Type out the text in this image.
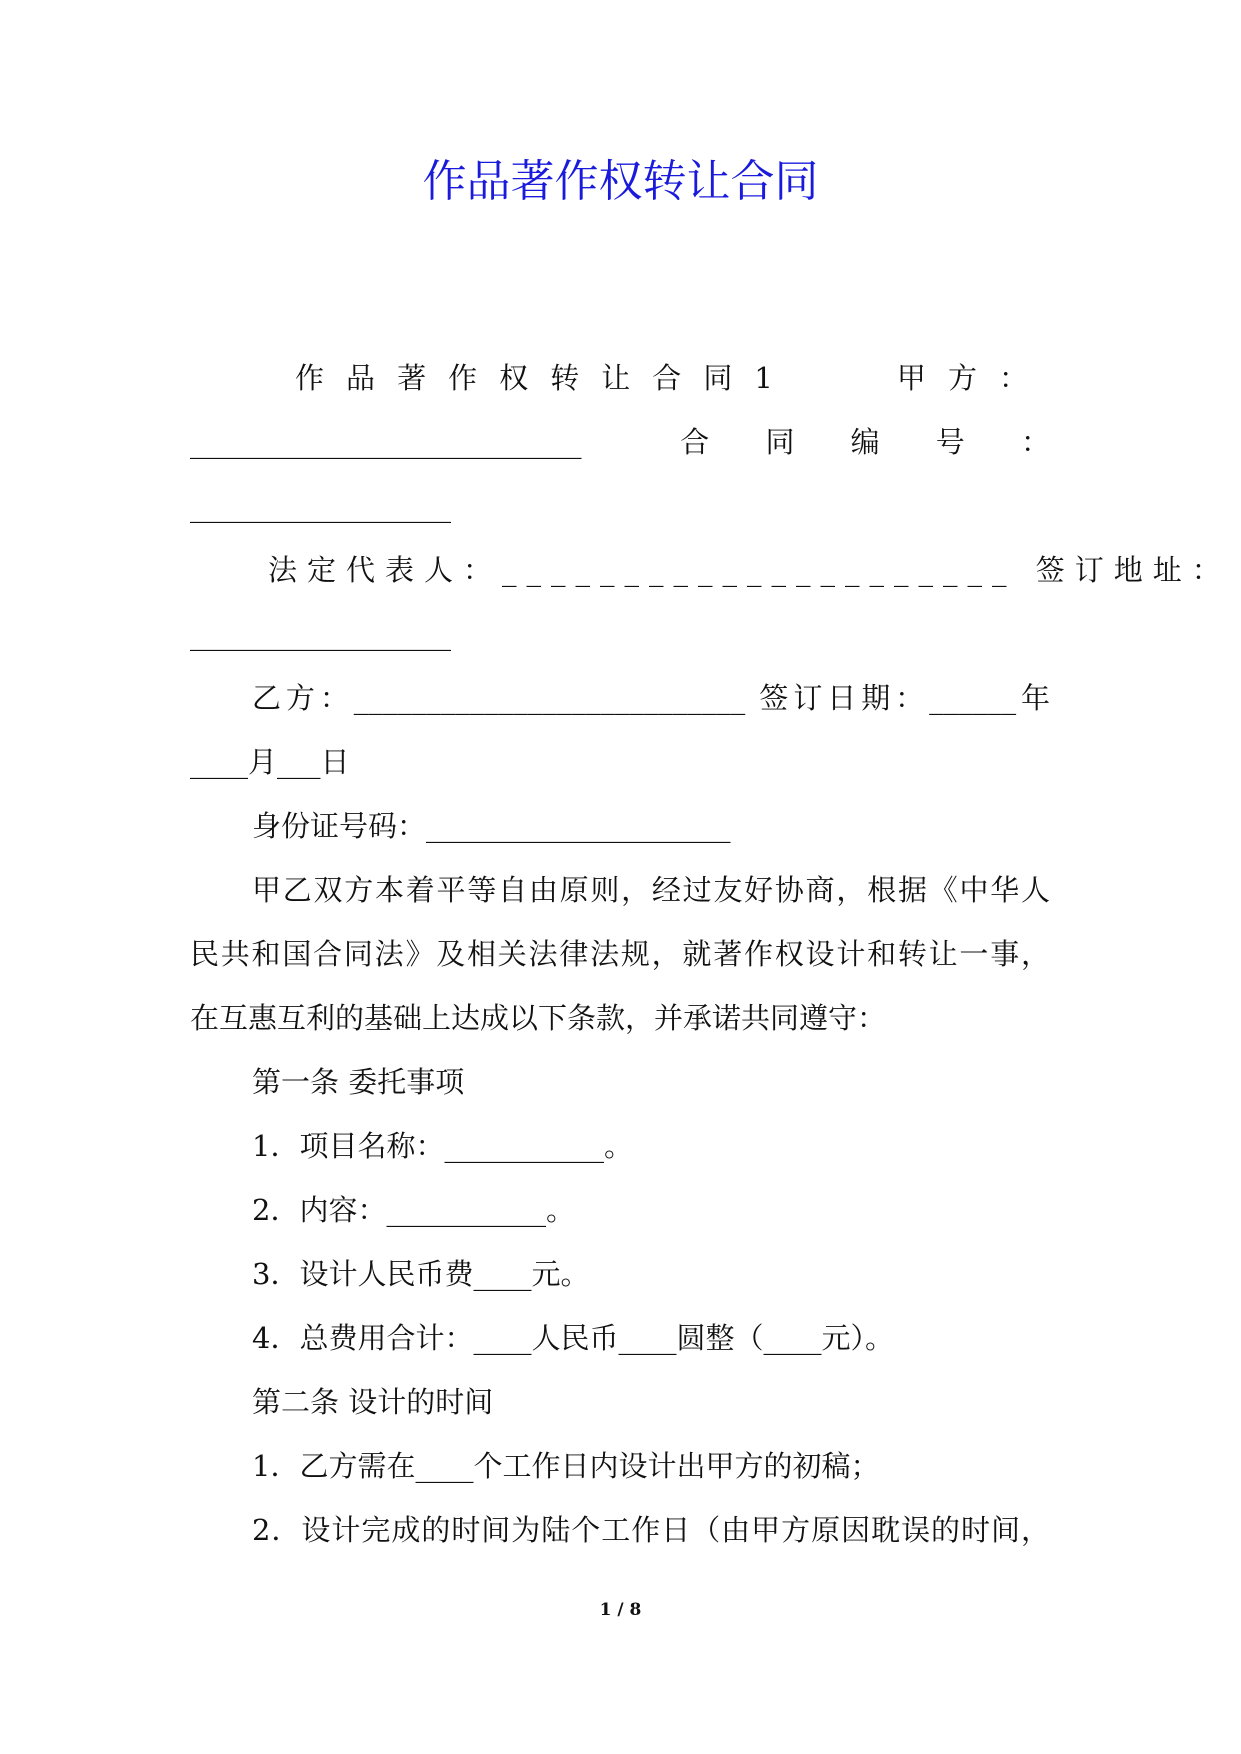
作品著作权转让合同

作品著作权转让合同1　　甲方：

___________________________　　合　同　编　号　：

__________________

法定代表人：_____________________ 签订地址：

__________________

乙方：___________________________ 签订日期：______年

____月___日

身份证号码：_____________________

甲乙双方本着平等自由原则，经过友好协商，根据《中华人

民共和国合同法》及相关法律法规，就著作权设计和转让一事，

在互惠互利的基础上达成以下条款，并承诺共同遵守：

第一条 委托事项

1．项目名称：___________。

2．内容：___________。

3．设计人民币费____元。

4．总费用合计：____人民币____圆整（____元）。

第二条 设计的时间

1．乙方需在____个工作日内设计出甲方的初稿；

2．设计完成的时间为陆个工作日（由甲方原因耽误的时间，

1 / 8
